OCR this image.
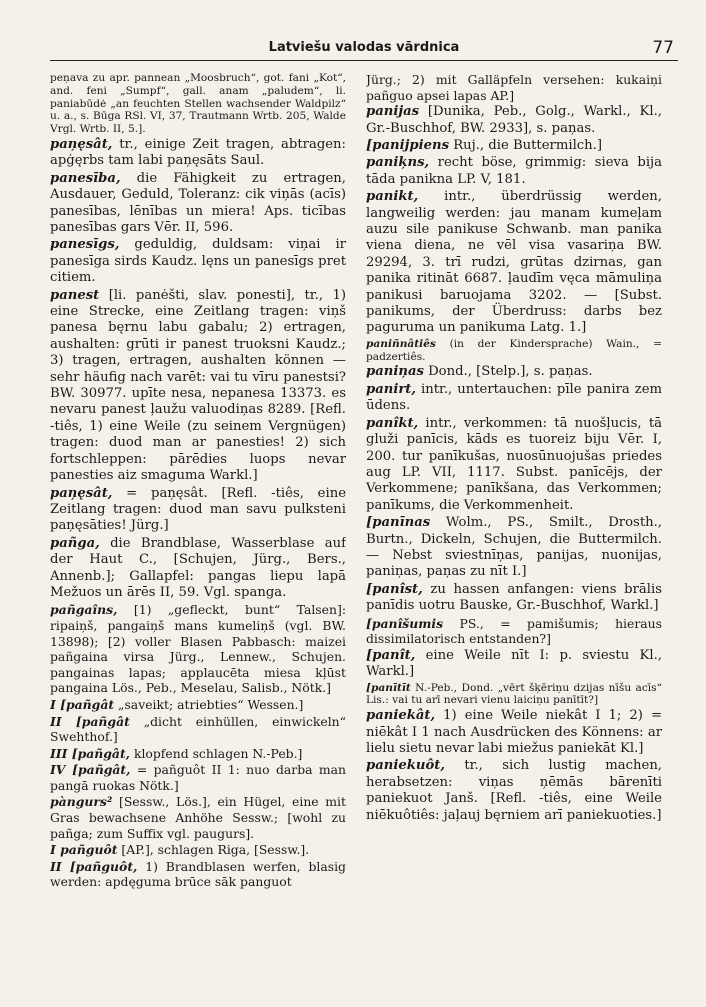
Latviešu valodas vārdnica	77

peņava zu apr. pannean „Moosbruch“, got. fani „Kot“, and. feni „Sumpf“, gall. anam „paludem“, li. paniabūdė „an feuchten Stellen wachsender Waldpilz“ u. a., s. Būga RSl. VI, 37, Trautmann Wrtb. 205, Walde Vrgl. Wrtb. II, 5.].

paņęsât, tr., einige Zeit tragen, abtragen: apģęrbs tam labi paņęsāts Saul.

panesība, die Fähigkeit zu ertragen, Ausdauer, Geduld, Toleranz: cik viņās (acīs) panesības, lēnības un miera! Aps. ticības panesības gars Vēr. II, 596.

panesīgs, geduldig, duldsam: viņai ir panesīga sirds Kaudz. lęns un panesīgs pret citiem.

panest [li. panėšti, slav. ponesti], tr., 1) eine Strecke, eine Zeitlang tragen: viņš panesa bęrnu labu gabalu; 2) ertragen, aushalten: grūti ir panest truoksni Kaudz.; 3) tragen, ertragen, aushalten können — sehr häufig nach varēt: vai tu vīru panestsi? BW. 30977. upīte nesa, nepanesa 13373. es nevaru panest ļaužu valuodiņas 8289. [Refl. -tiês, 1) eine Weile (zu seinem Vergnügen) tragen: duod man ar panesties! 2) sich fortschleppen: pārēdies luops nevar panesties aiz smaguma Warkl.]

paņęsât, = paņęsât. [Refl. -tiês, eine Zeitlang tragen: duod man savu pulksteni paņęsāties! Jürg.]

pañga, die Brandblase, Wasserblase auf der Haut C., [Schujen, Jürg., Bers., Annenb.]; Gallapfel: pangas liepu lapā Mežuos un ārēs II, 59. Vgl. spanga.

pañgaîns, [1) „gefleckt, bunt“ Talsen]: ripaiņš, pangaiņš mans kumeliņš (vgl. BW. 13898); [2) voller Blasen Pabbasch: maizei pañgaina virsa Jürg., Lennew., Schujen. pangainas lapas; applaucēta miesa kļūst pangaina Lös., Peb., Meselau, Salisb., Nötk.]

I [pañgât „saveikt; atriebties“ Wessen.]

II [pañgât „dicht einhüllen, einwickeln“ Swehthof.]

III [pañgât, klopfend schlagen N.-Peb.]

IV [pañgât, = pañguôt II 1: nuo darba man pangā ruokas Nötk.]

pàngurs² [Sessw., Lös.], ein Hügel, eine mit Gras bewachsene Anhöhe Sessw.; [wohl zu pañga; zum Suffix vgl. paugurs].

I pañguôt [AP.], schlagen Riga, [Sessw.].

II [pañguôt, 1) Brandblasen werfen, blasig werden: apdęguma brūce sāk panguot

Jürg.; 2) mit Galläpfeln versehen: kukaiņi pañguo apsei lapas AP.]

panijas [Dunika, Peb., Golg., Warkl., Kl., Gr.-Buschhof, BW. 2933], s. paņas.

[panijpiens Ruj., die Buttermilch.]

paniķns, recht böse, grimmig: sieva bija tāda panikna LP. V, 181.

panikt, intr., überdrüssig werden, langweilig werden: jau manam kumeļam auzu sile panikuse Schwanb. man panika viena diena, ne vēl visa vasariņa BW. 29294, 3. trī rudzi, grūtas dzirnas, gan panika ritināt 6687. ļaudīm vęca māmuliņa panikusi baruojama 3202. — [Subst. panikums, der Überdruss: darbs bez paguruma un panikuma Latg. 1.]

paniñnâtiês (in der Kindersprache) Wain., = padzertiês.

paniņas Dond., [Stelp.], s. paņas.

panirt, intr., untertauchen: pīle panira zem ūdens.

panîkt, intr., verkommen: tā nuošļucis, tā gluži panīcis, kāds es tuoreiz biju Vēr. I, 200. tur panīkušas, nuosūnuojušas priedes aug LP. VII, 1117. Subst. panīcējs, der Verkommene; panīkšana, das Verkommen; panīkums, die Verkommenheit.

[panīnas Wolm., PS., Smilt., Drosth., Burtn., Dickeln, Schujen, die Buttermilch. — Nebst sviestnīņas, panijas, nuonijas, paniņas, paņas zu nīt I.]

[panîst, zu hassen anfangen: viens brālis panīdis uotru Bauske, Gr.-Buschhof, Warkl.]

[panîšumis PS., = pamišumis; hieraus dissimilatorisch entstanden?]

[panît, eine Weile nīt I: p. sviestu Kl., Warkl.]

[panītīt N.-Peb., Dond. „vērt šķēriņu dzijas nīšu acīs“ Lis.: vai tu arī nevari vienu laiciņu panītīt?]

paniekât, 1) eine Weile niekât I 1; 2) = niēkât I 1 nach Ausdrücken des Könnens: ar lielu sietu nevar labi miežus paniekāt Kl.]

paniekuôt, tr., sich lustig machen, herabsetzen: viņas ņēmās bārenīti paniekuot Janš. [Refl. -tiês, eine Weile niēkuôtiês: jaļauj bęrniem arī paniekuoties.]
